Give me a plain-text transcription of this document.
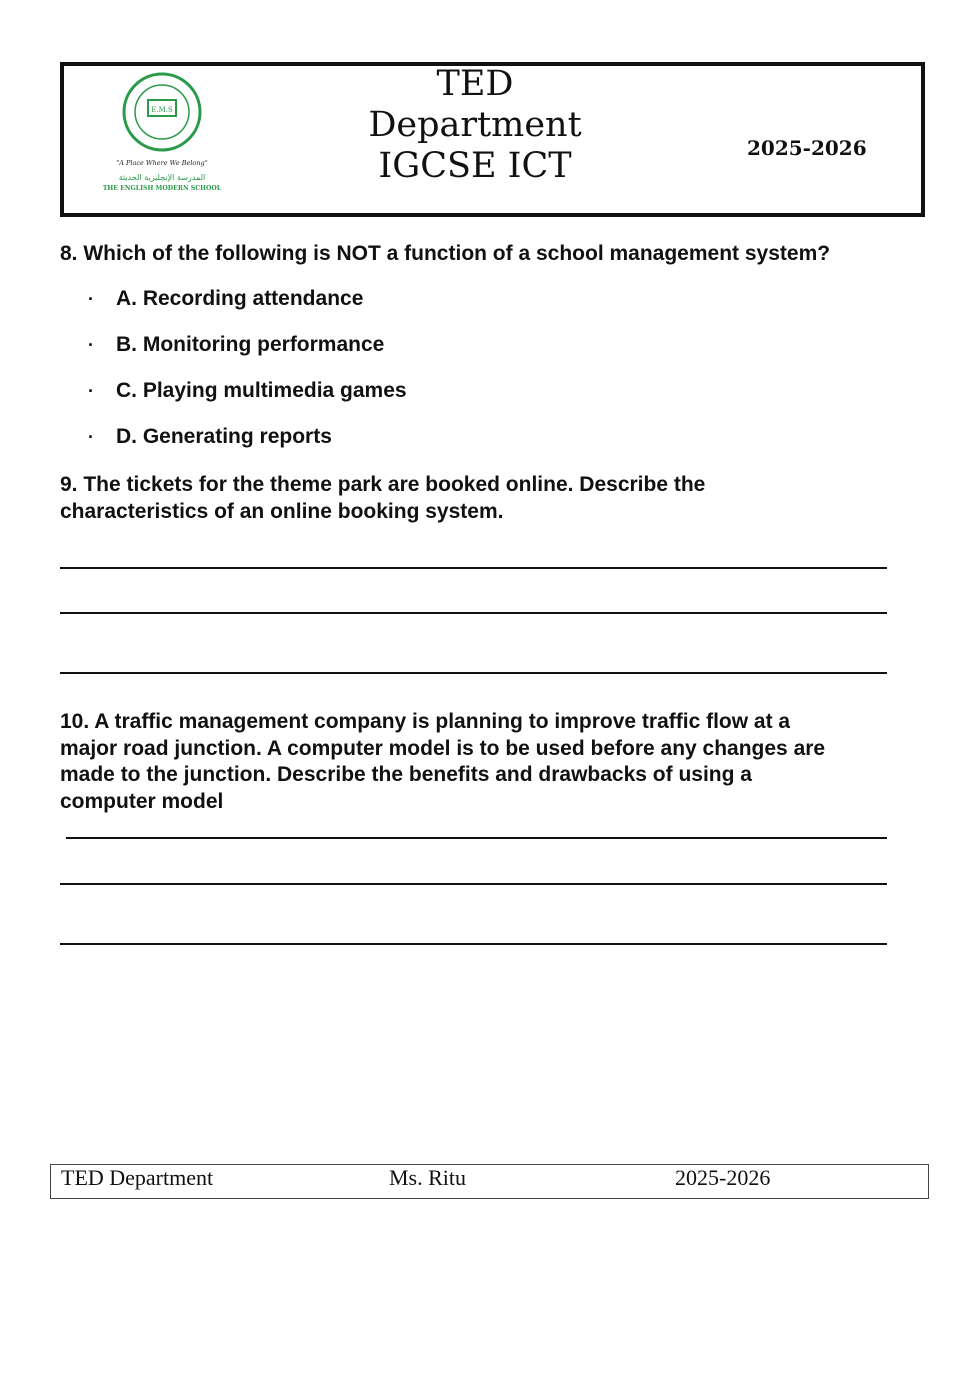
E.M.S
"A Place Where We Belong"
المدرسة الإنجليزية الحديثة
THE ENGLISH MODERN SCHOOL
TED
Department
IGCSE ICT	2025-2026
8. Which of the following is NOT a function of a school management system?
· A. Recording attendance
· B. Monitoring performance
· C. Playing multimedia games
· D. Generating reports
9. The tickets for the theme park are booked online. Describe the
characteristics of an online booking system.
10. A traffic management company is planning to improve traffic flow at a
major road junction. A computer model is to be used before any changes are
made to the junction. Describe the benefits and drawbacks of using a
computer model
TED Department	Ms. Ritu	2025-2026
